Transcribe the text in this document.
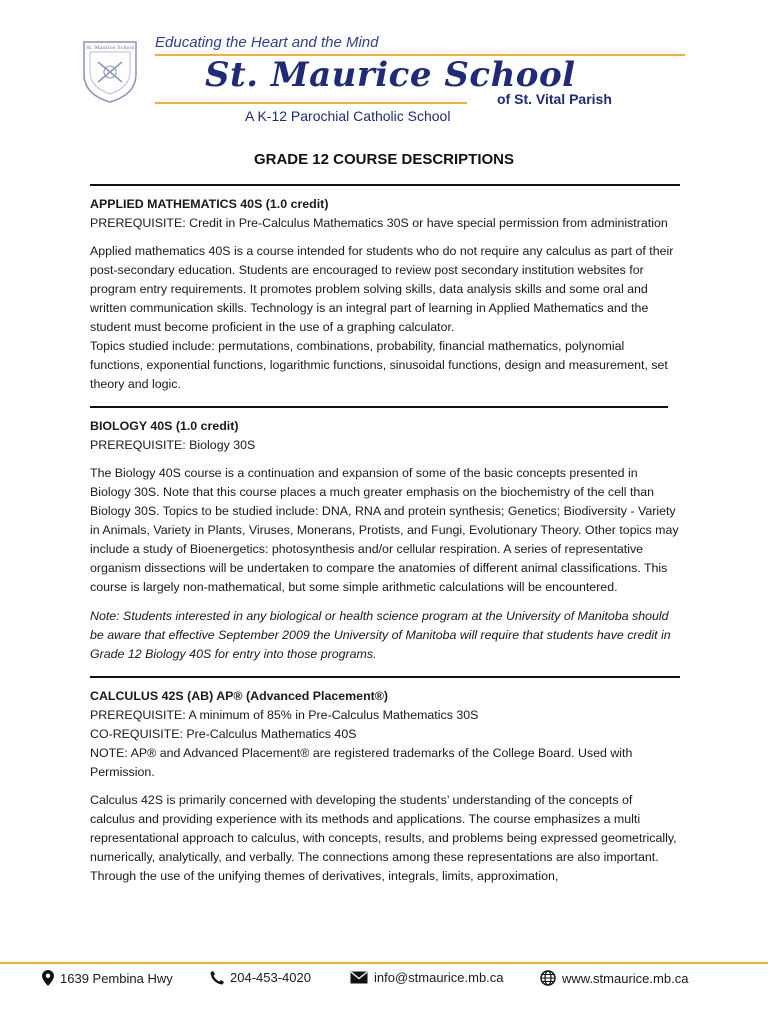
St. Maurice School Educating the Heart and the Mind
St. Maurice School
of St. Vital Parish
A K-12 Parochial Catholic School
GRADE 12 COURSE DESCRIPTIONS
APPLIED MATHEMATICS 40S (1.0 credit)
PREREQUISITE: Credit in Pre-Calculus Mathematics 30S or have special permission from administration
Applied mathematics 40S is a course intended for students who do not require any calculus as part of their post-secondary education. Students are encouraged to review post secondary institution websites for program entry requirements. It promotes problem solving skills, data analysis skills and some oral and written communication skills. Technology is an integral part of learning in Applied Mathematics and the student must become proficient in the use of a graphing calculator.
Topics studied include: permutations, combinations, probability, financial mathematics, polynomial functions, exponential functions, logarithmic functions, sinusoidal functions, design and measurement, set theory and logic.
BIOLOGY 40S (1.0 credit)
PREREQUISITE: Biology 30S
The Biology 40S course is a continuation and expansion of some of the basic concepts presented in Biology 30S. Note that this course places a much greater emphasis on the biochemistry of the cell than Biology 30S. Topics to be studied include: DNA, RNA and protein synthesis; Genetics; Biodiversity - Variety in Animals, Variety in Plants, Viruses, Monerans, Protists, and Fungi, Evolutionary Theory. Other topics may include a study of Bioenergetics: photosynthesis and/or cellular respiration. A series of representative organism dissections will be undertaken to compare the anatomies of different animal classifications. This course is largely non-mathematical, but some simple arithmetic calculations will be encountered.
Note: Students interested in any biological or health science program at the University of Manitoba should be aware that effective September 2009 the University of Manitoba will require that students have credit in Grade 12 Biology 40S for entry into those programs.
CALCULUS 42S (AB) AP® (Advanced Placement®)
PREREQUISITE: A minimum of 85% in Pre-Calculus Mathematics 30S
CO-REQUISITE: Pre-Calculus Mathematics 40S
NOTE: AP® and Advanced Placement® are registered trademarks of the College Board. Used with Permission.
Calculus 42S is primarily concerned with developing the students’ understanding of the concepts of calculus and providing experience with its methods and applications. The course emphasizes a multi representational approach to calculus, with concepts, results, and problems being expressed geometrically, numerically, analytically, and verbally. The connections among these representations are also important. Through the use of the unifying themes of derivatives, integrals, limits, approximation,
1639 Pembina Hwy	204-453-4020	info@stmaurice.mb.ca	www.stmaurice.mb.ca
